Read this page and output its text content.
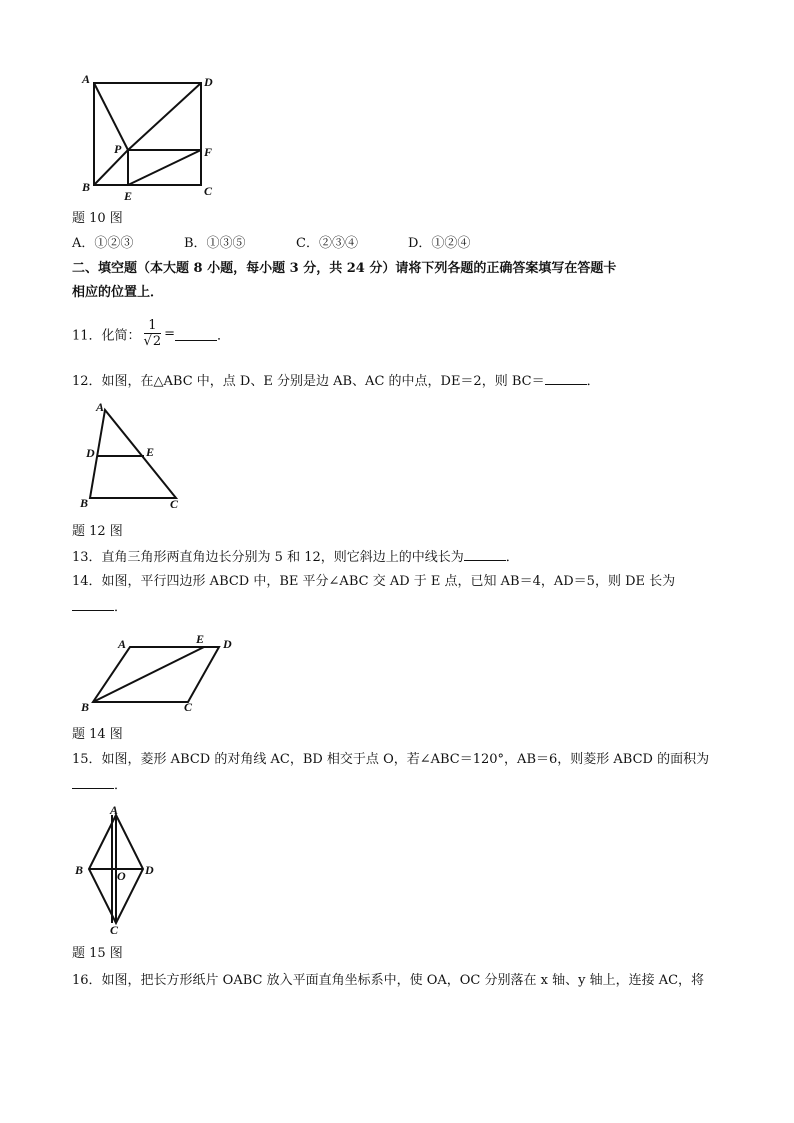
A	D
P	F
B
E	C
题 10 图
A．①②③	B．①③⑤	C．②③④	D．①②④
二、填空题（本大题 8 小题，每小题 3 分，共 24 分）请将下列各题的正确答案填写在答题卡
相应的位置上．
11．化简： $\frac{1}{√2}$ =	．
12．如图，在△ABC 中，点 D、E 分别是边 AB、AC 的中点，DE＝2，则 BC＝	．
A
D	E
B	C
题 12 图
13．直角三角形两直角边长分别为 5 和 12，则它斜边上的中线长为	．
14．如图，平行四边形 ABCD 中，BE 平分∠ABC 交 AD 于 E 点，已知 AB＝4，AD＝5，则 DE 长为
．
A	E D
B	C
题 14 图
15．如图，菱形 ABCD 的对角线 AC，BD 相交于点 O，若∠ABC＝120°，AB＝6，则菱形 ABCD 的面积为
．
A
B	O D
C
题 15 图
16．如图，把长方形纸片 OABC 放入平面直角坐标系中，使 OA，OC 分别落在 x 轴、y 轴上，连接 AC，将
